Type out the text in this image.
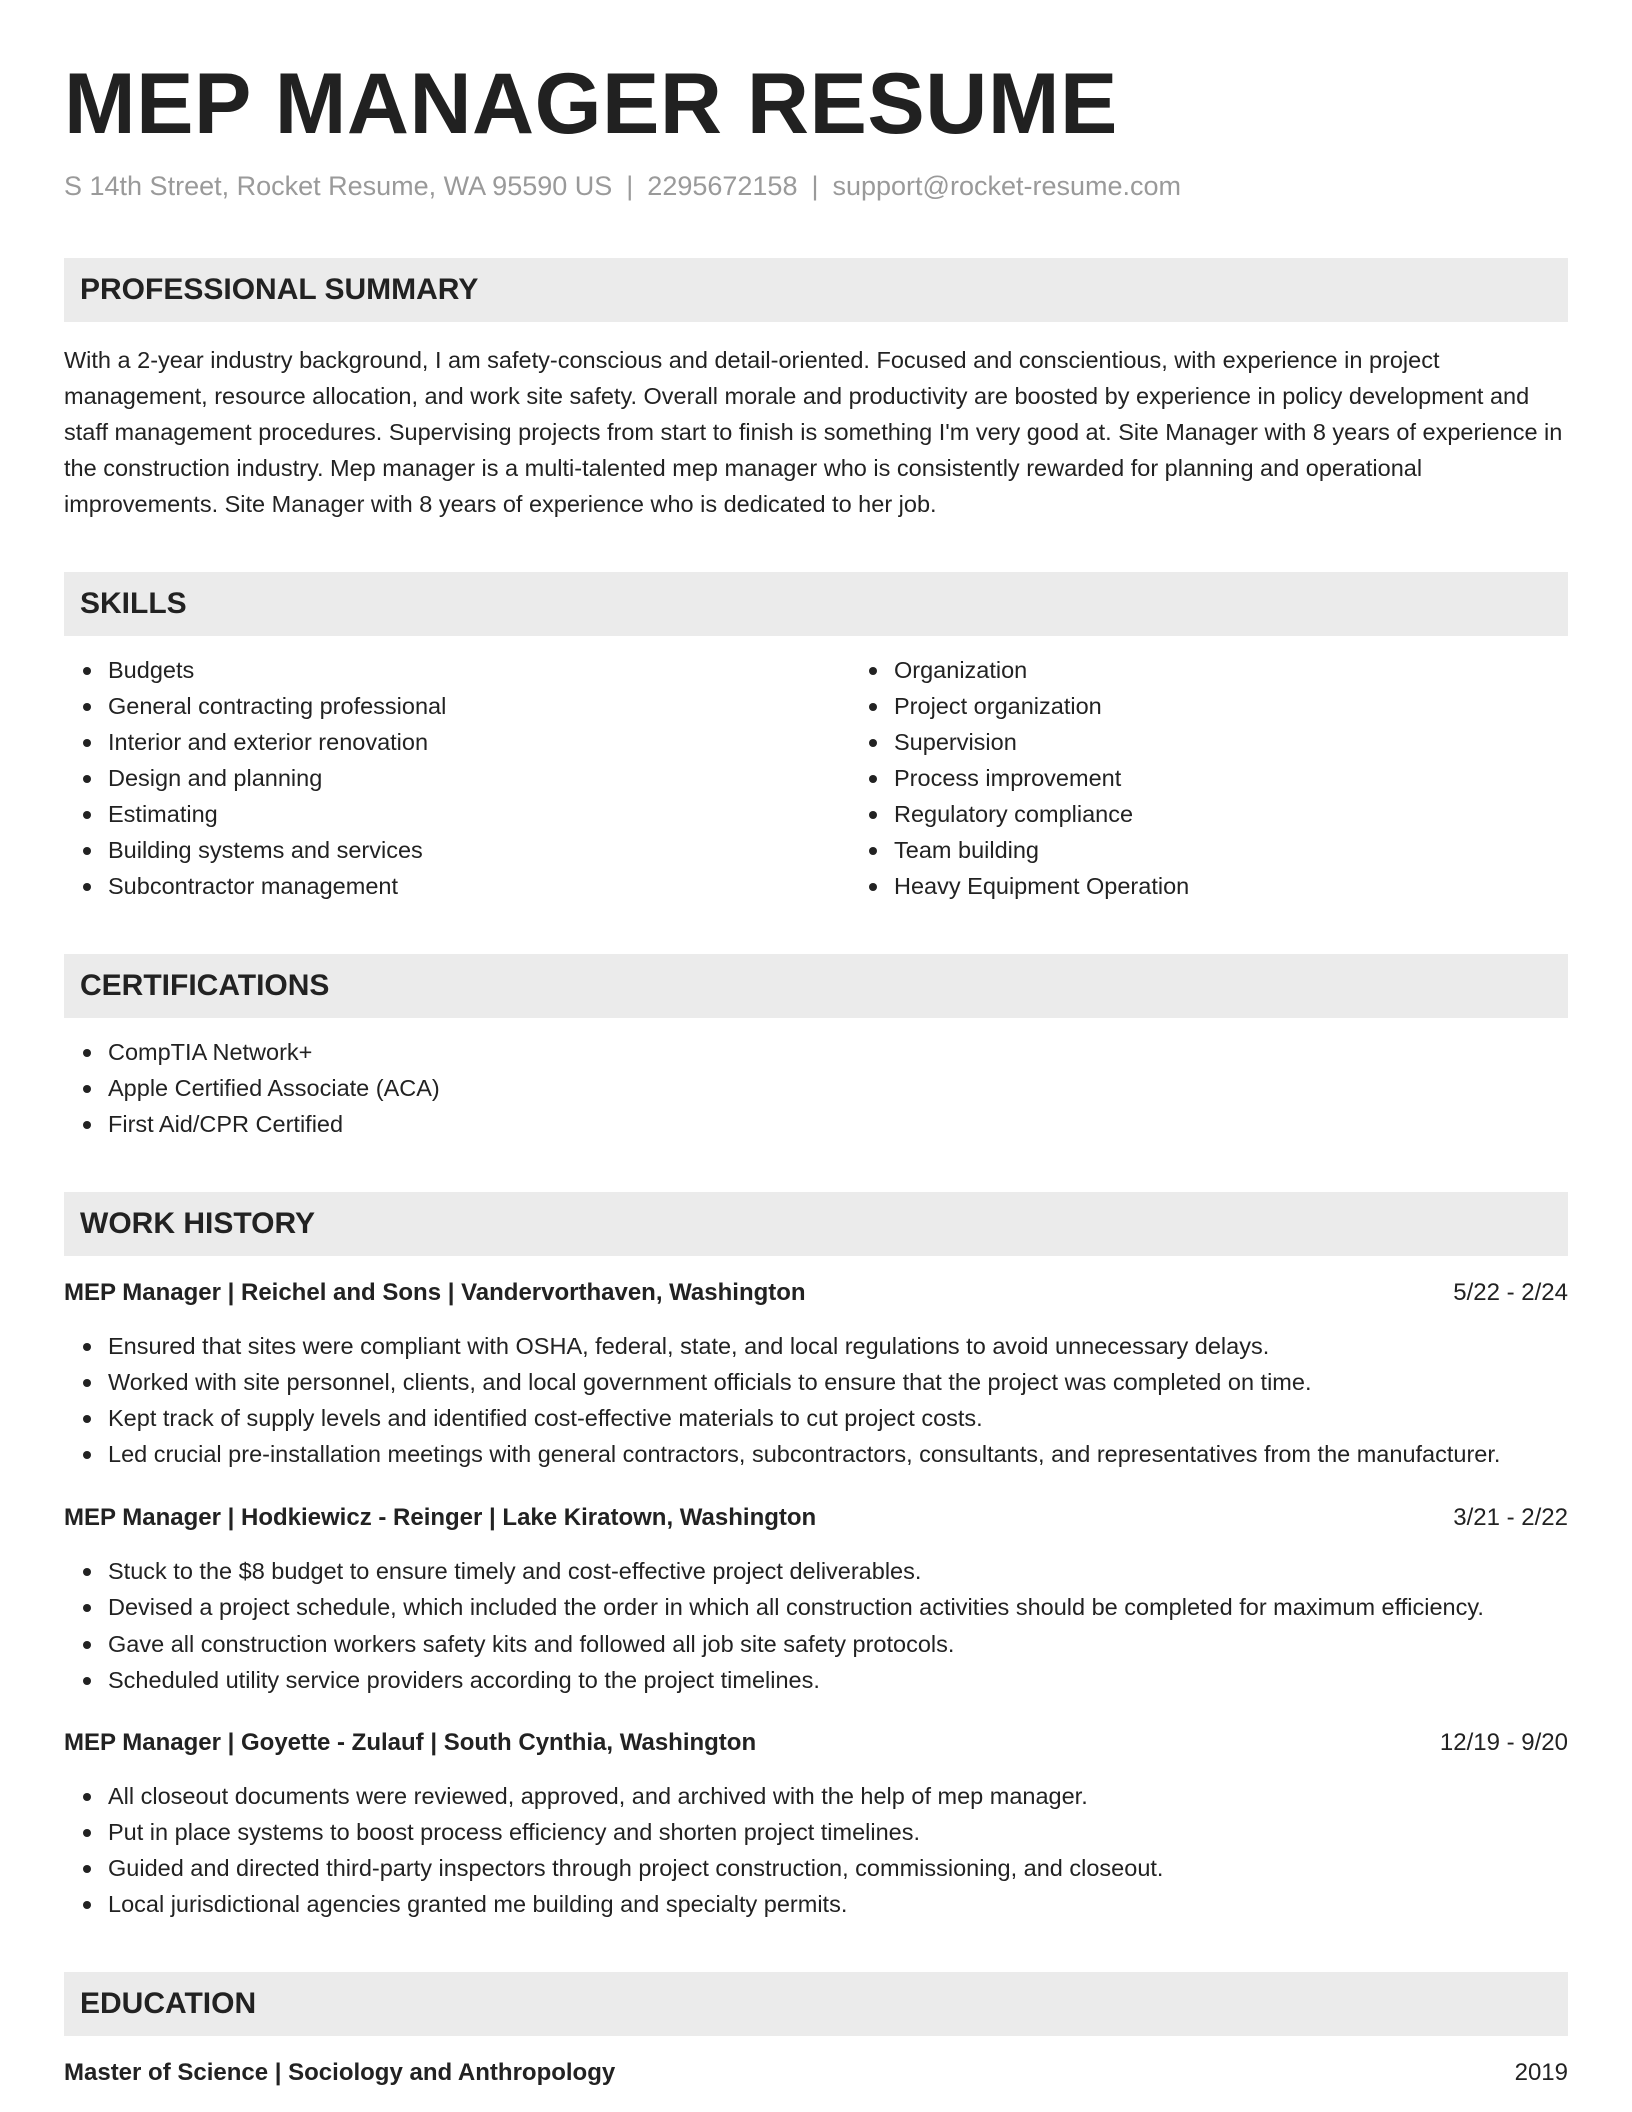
MEP MANAGER RESUME
S 14th Street, Rocket Resume, WA 95590 US | 2295672158 | support@rocket-resume.com
PROFESSIONAL SUMMARY

With a 2-year industry background, I am safety-conscious and detail-oriented. Focused and conscientious, with experience in project management, resource allocation, and work site safety. Overall morale and productivity are boosted by experience in policy development and staff management procedures. Supervising projects from start to finish is something I'm very good at. Site Manager with 8 years of experience in the construction industry. Mep manager is a multi-talented mep manager who is consistently rewarded for planning and operational improvements. Site Manager with 8 years of experience who is dedicated to her job.

SKILLS
Budgets
General contracting professional
Interior and exterior renovation
Design and planning
Estimating
Building systems and services
Subcontractor management
Organization
Project organization
Supervision
Process improvement
Regulatory compliance
Team building
Heavy Equipment Operation
CERTIFICATIONS
CompTIA Network+
Apple Certified Associate (ACA)
First Aid/CPR Certified
WORK HISTORY
MEP Manager | Reichel and Sons | Vandervorthaven, Washington	5/22 - 2/24
Ensured that sites were compliant with OSHA, federal, state, and local regulations to avoid unnecessary delays.
Worked with site personnel, clients, and local government officials to ensure that the project was completed on time.
Kept track of supply levels and identified cost-effective materials to cut project costs.
Led crucial pre-installation meetings with general contractors, subcontractors, consultants, and representatives from the manufacturer.
MEP Manager | Hodkiewicz - Reinger | Lake Kiratown, Washington	3/21 - 2/22
Stuck to the $8 budget to ensure timely and cost-effective project deliverables.
Devised a project schedule, which included the order in which all construction activities should be completed for maximum efficiency.
Gave all construction workers safety kits and followed all job site safety protocols.
Scheduled utility service providers according to the project timelines.
MEP Manager | Goyette - Zulauf | South Cynthia, Washington	12/19 - 9/20
All closeout documents were reviewed, approved, and archived with the help of mep manager.
Put in place systems to boost process efficiency and shorten project timelines.
Guided and directed third-party inspectors through project construction, commissioning, and closeout.
Local jurisdictional agencies granted me building and specialty permits.
EDUCATION
Master of Science | Sociology and Anthropology	2019
